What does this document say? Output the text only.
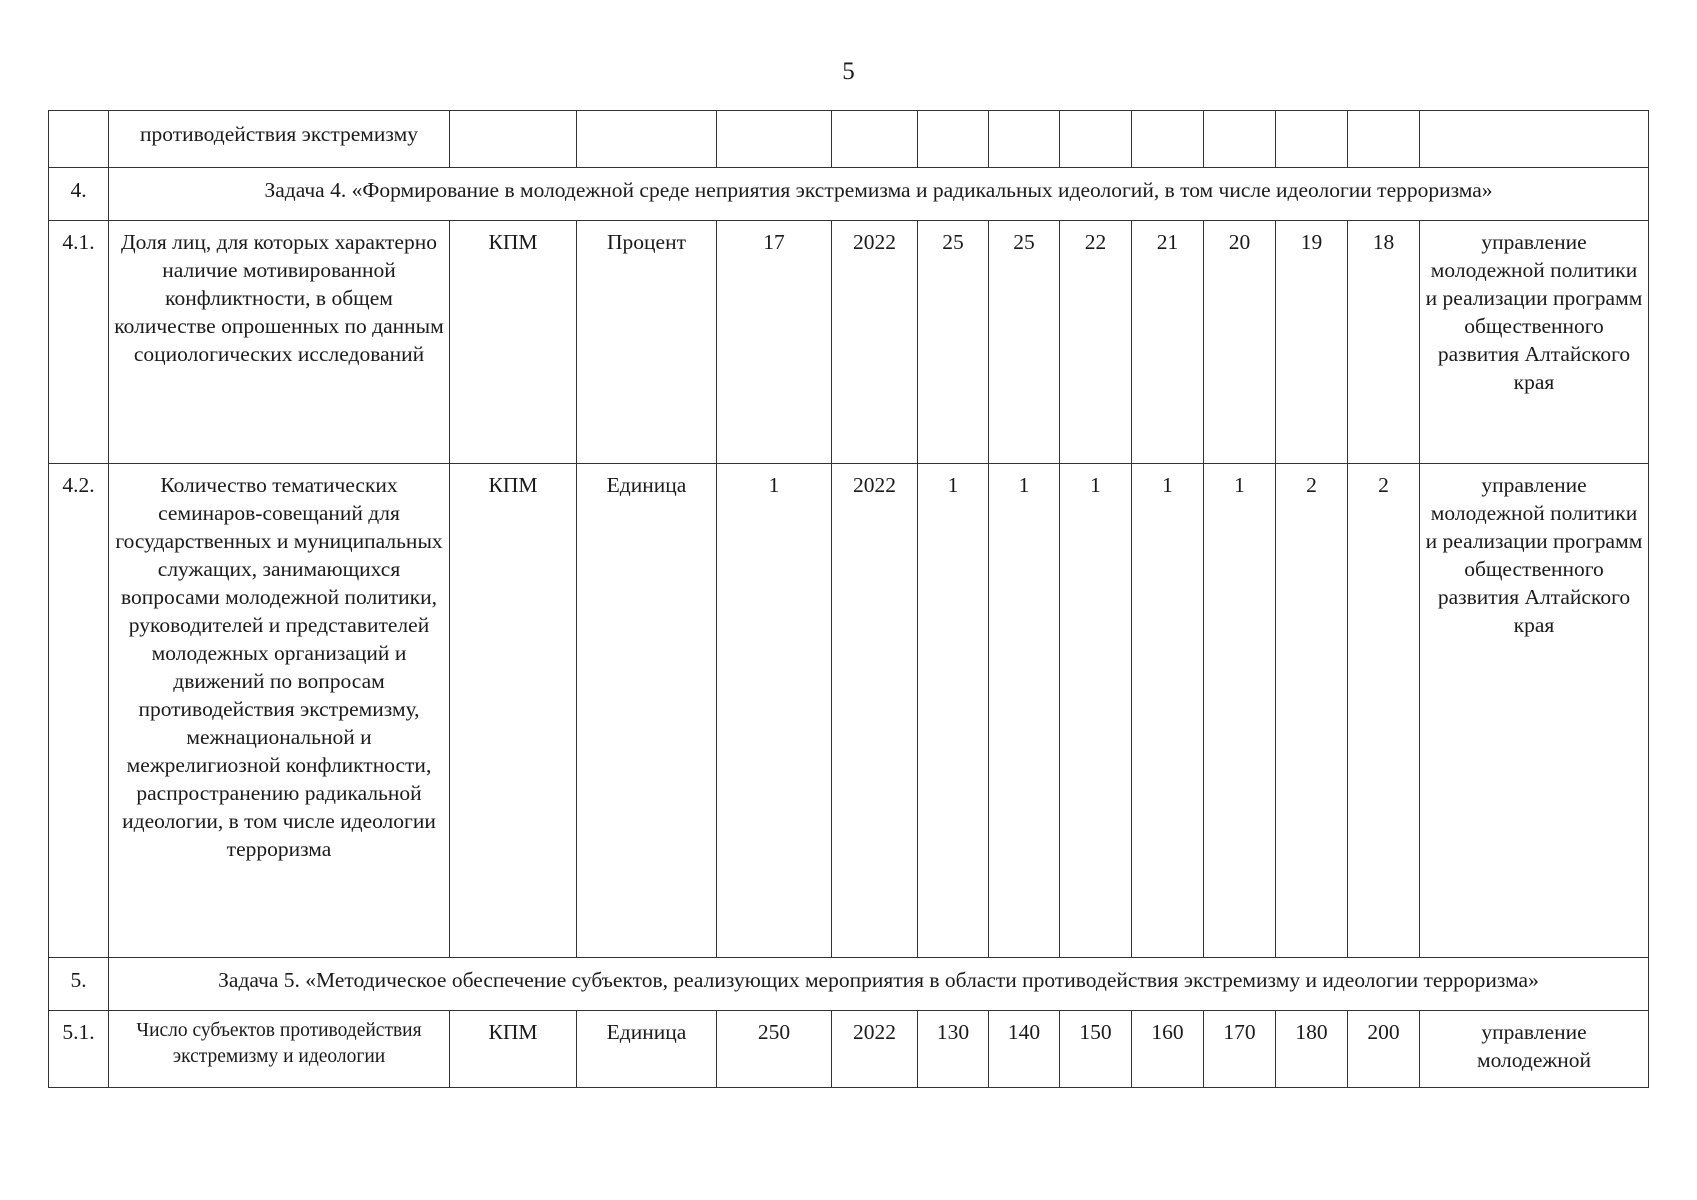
5
	противодействия экстремизму												
4.	Задача 4. «Формирование в молодежной среде неприятия экстремизма и радикальных идеологий, в том числе идеологии терроризма»												
4.1.	Доля лиц, для которых характерно наличие мотивированной конфликтности, в общем количестве опрошенных по данным социологических исследований	КПМ	Процент	17	2022	25	25	22	21	20	19	18	управление молодежной политики и реализации программ общественного развития Алтайского края
4.2.	Количество тематических семинаров-совещаний для государственных и муниципальных служащих, занимающихся вопросами молодежной политики, руководителей и представителей молодежных организаций и движений по вопросам противодействия экстремизму, межнациональной и межрелигиозной конфликтности, распространению радикальной идеологии, в том числе идеологии терроризма	КПМ	Единица	1	2022	1	1	1	1	1	2	2	управление молодежной политики и реализации программ общественного развития Алтайского края
5.	Задача 5. «Методическое обеспечение субъектов, реализующих мероприятия в области противодействия экстремизму и идеологии терроризма»												
5.1.	Число субъектов противодействия экстремизму и идеологии	КПМ	Единица	250	2022	130	140	150	160	170	180	200	управление молодежной
